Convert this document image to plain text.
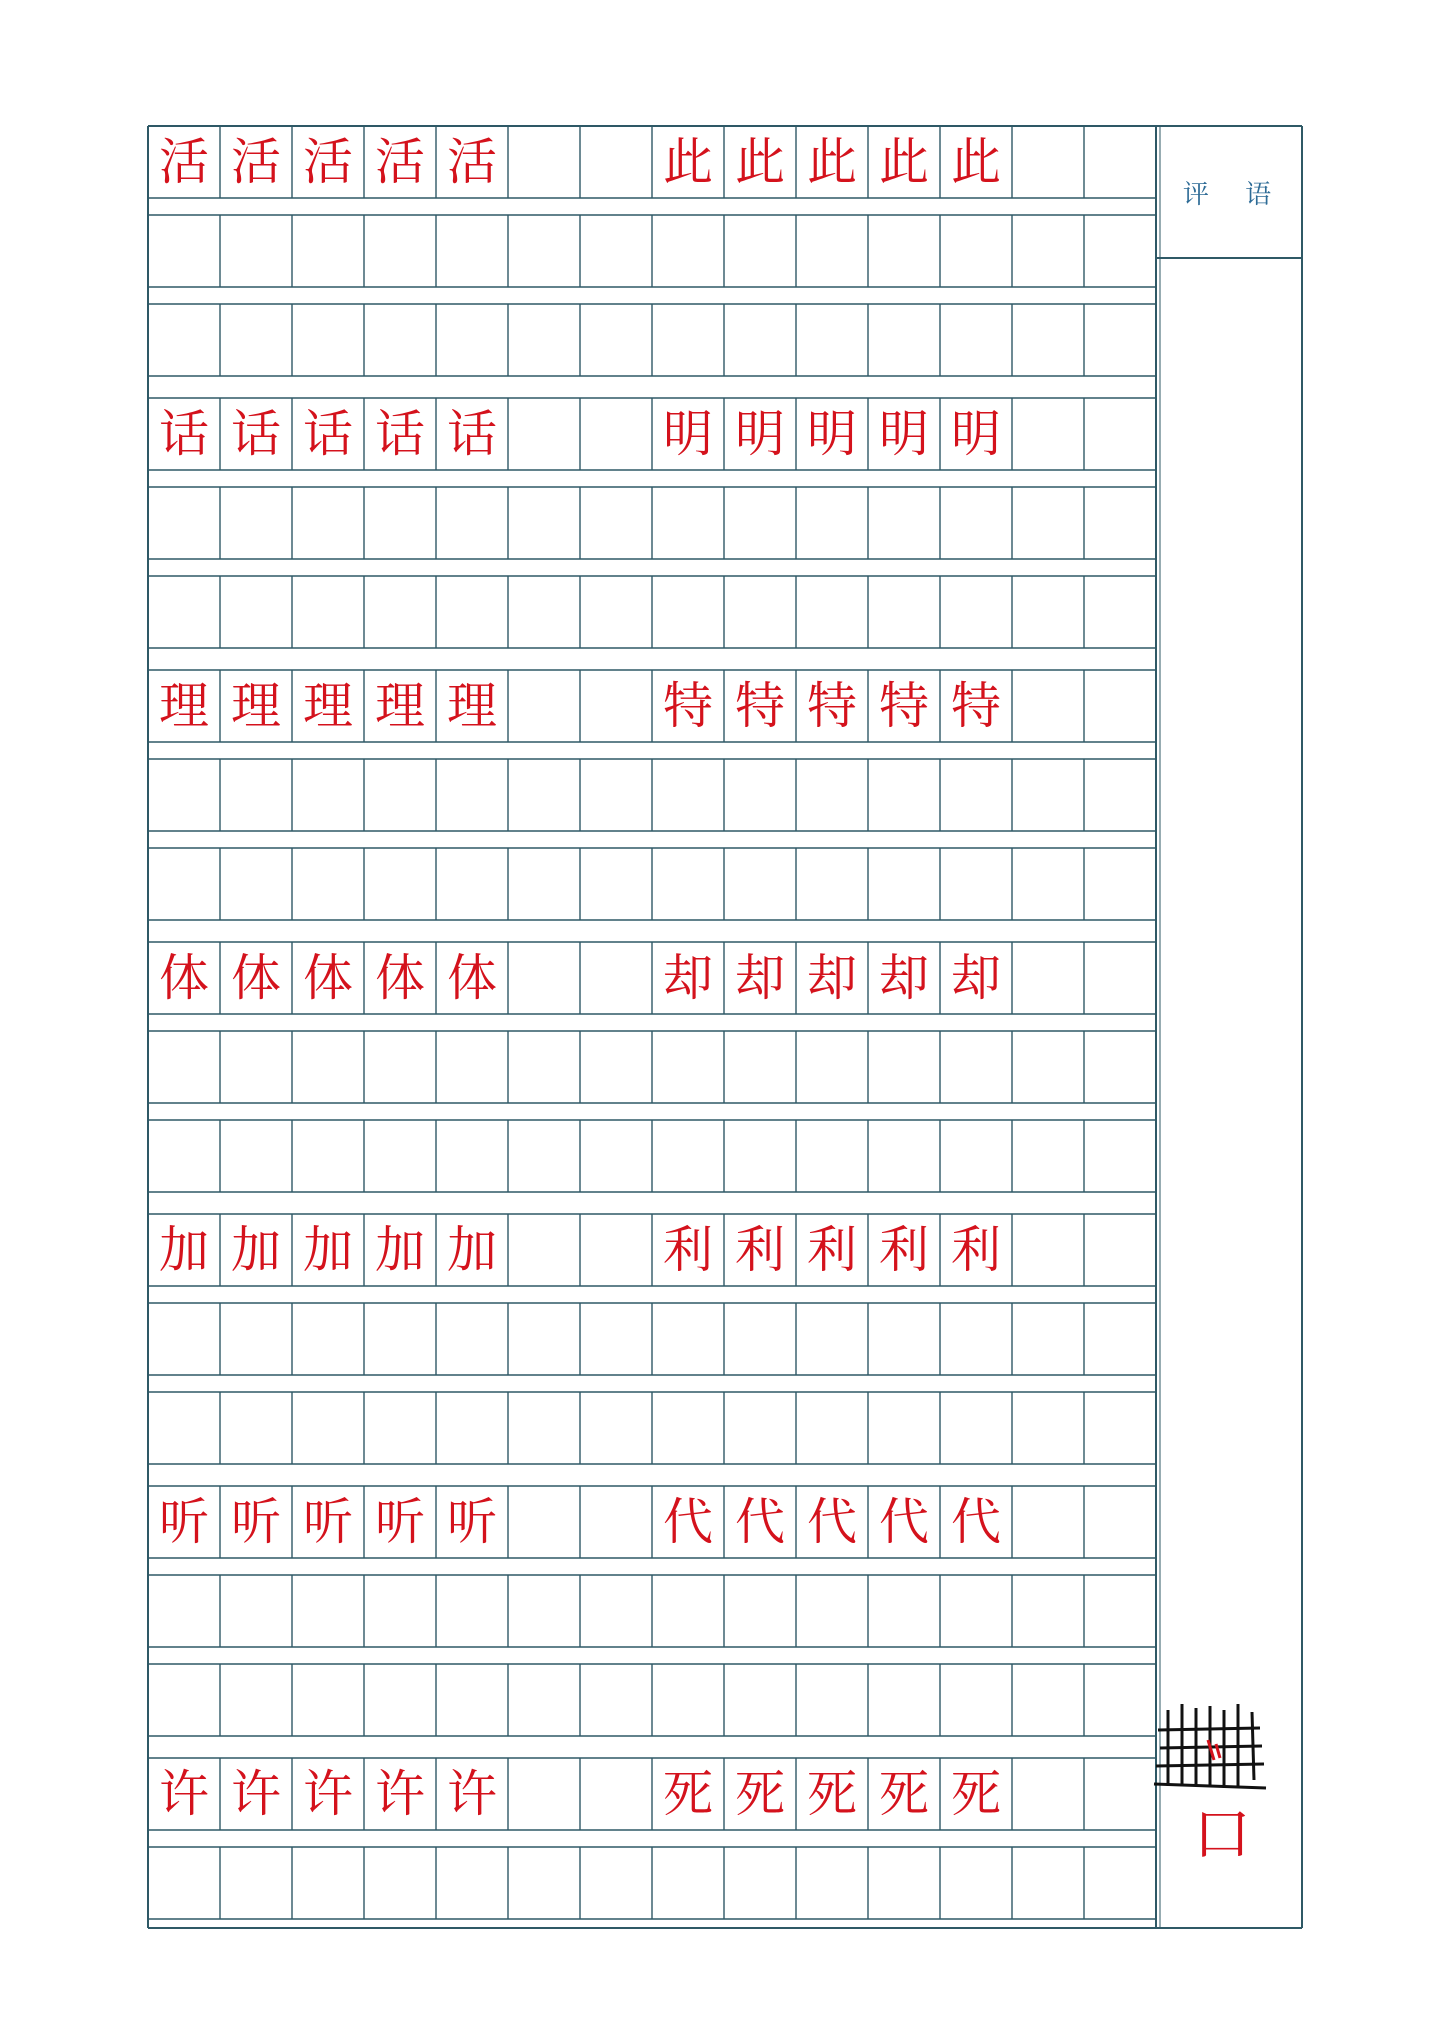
评 语
口
活 活 活 活 活	此 此 此 此 此
话 话 话 话 话	明 明 明 明 明
理 理 理 理 理	特 特 特 特 特
体 体 体 体 体	却 却 却 却 却
加 加 加 加 加	利 利 利 利 利
听 听 听 听 听	代 代 代 代 代
许 许 许 许 许	死 死 死 死 死
